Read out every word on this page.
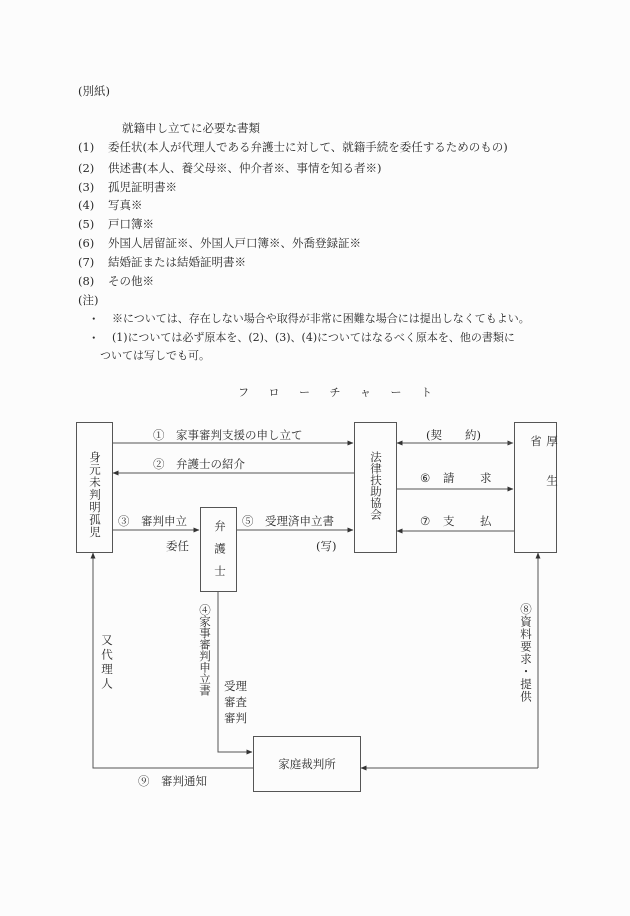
(別紙)
就籍申し立てに必要な書類
(1) 委任状(本人が代理人である弁護士に対して、就籍手続を委任するためのもの)
(2) 供述書(本人、養父母※、仲介者※、事情を知る者※)
(3) 孤児証明書※
(4) 写真※
(5) 戸口簿※
(6) 外国人居留証※、外国人戸口簿※、外喬登録証※
(7) 結婚証または結婚証明書※
(8) その他※
(注)
・ ※については、存在しない場合や取得が非常に困難な場合には提出しなくてもよい。
・ (1)については必ず原本を、(2)、(3)、(4)についてはなるべく原本を、他の書類に
ついては写しでも可。
フ ロ ー チ ャ ー ト
身元未判明孤児	法律扶助協会	厚生省
弁護士
家庭裁判所
①　家事審判支援の申し立て
②　弁護士の紹介
③　審判申立
委任
⑤　受理済申立書
(写)
(契　　約)
⑥ 請 求
⑦ 支 払
④家事審判申立書 受理
審査
審判
又代理人	⑧資料要求・提供
⑨　審判通知
